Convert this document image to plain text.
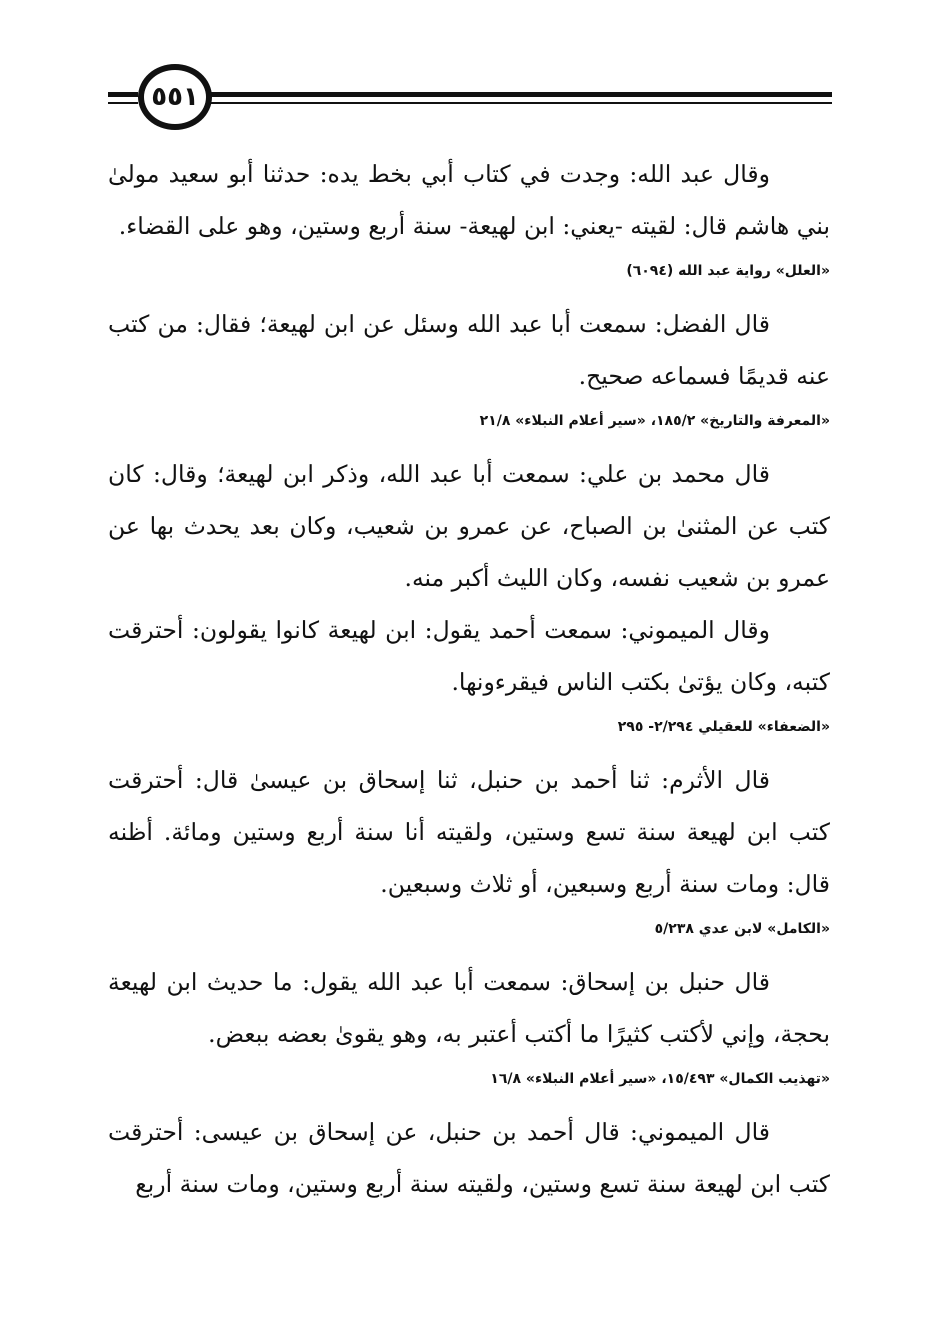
٥٥١

وقال عبد الله: وجدت في كتاب أبي بخط يده: حدثنا أبو سعيد مولىٰ بني هاشم قال: لقيته -يعني: ابن لهيعة- سنة أربع وستين، وهو على القضاء.

«العلل» رواية عبد الله (٦٠٩٤)

قال الفضل: سمعت أبا عبد الله وسئل عن ابن لهيعة؛ فقال: من كتب عنه قديمًا فسماعه صحيح.

«المعرفة والتاريخ» ١٨٥/٢، «سير أعلام النبلاء» ٢١/٨

قال محمد بن علي: سمعت أبا عبد الله، وذكر ابن لهيعة؛ وقال: كان كتب عن المثنىٰ بن الصباح، عن عمرو بن شعيب، وكان بعد يحدث بها عن عمرو بن شعيب نفسه، وكان الليث أكبر منه.

وقال الميموني: سمعت أحمد يقول: ابن لهيعة كانوا يقولون: أحترقت كتبه، وكان يؤتىٰ بكتب الناس فيقرءونها.

«الضعفاء» للعقيلي ٢/٢٩٤- ٢٩٥

قال الأثرم: ثنا أحمد بن حنبل، ثنا إسحاق بن عيسىٰ قال: أحترقت كتب ابن لهيعة سنة تسع وستين، ولقيته أنا سنة أربع وستين ومائة. أظنه قال: ومات سنة أربع وسبعين، أو ثلاث وسبعين.

«الكامل» لابن عدي ٥/٢٣٨

قال حنبل بن إسحاق: سمعت أبا عبد الله يقول: ما حديث ابن لهيعة بحجة، وإني لأكتب كثيرًا ما أكتب أعتبر به، وهو يقوىٰ بعضه ببعض.

«تهذيب الكمال» ١٥/٤٩٣، «سير أعلام النبلاء» ١٦/٨

قال الميموني: قال أحمد بن حنبل، عن إسحاق بن عيسى: أحترقت كتب ابن لهيعة سنة تسع وستين، ولقيته سنة أربع وستين، ومات سنة أربع
